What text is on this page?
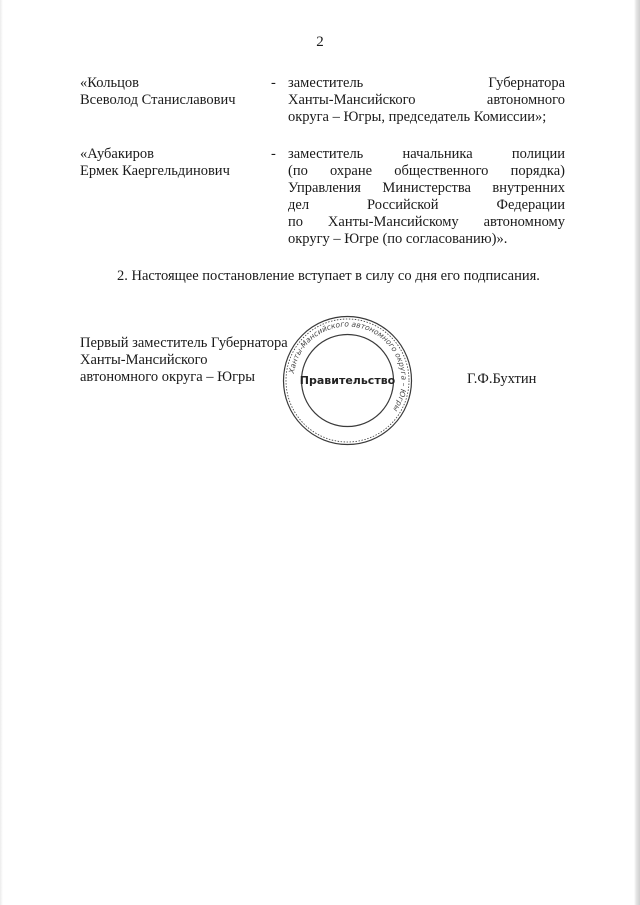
2
«Кольцов
Всеволод Станиславович
- заместитель Губернатора
Ханты-Мансийского автономного
округа – Югры, председатель Комиссии»;
«Аубакиров
Ермек Каергельдинович
- заместитель начальника полиции
(по охране общественного порядка)
Управления Министерства внутренних
дел Российской Федерации
по Ханты-Мансийскому автономному
округу – Югре (по согласованию)».
2. Настоящее постановление вступает в силу со дня его подписания.
Первый заместитель Губернатора
Ханты-Мансийского
автономного округа – Югры	Ханты-Мансийского автономного округа – Югры
Правительство	Г.Ф.Бухтин
